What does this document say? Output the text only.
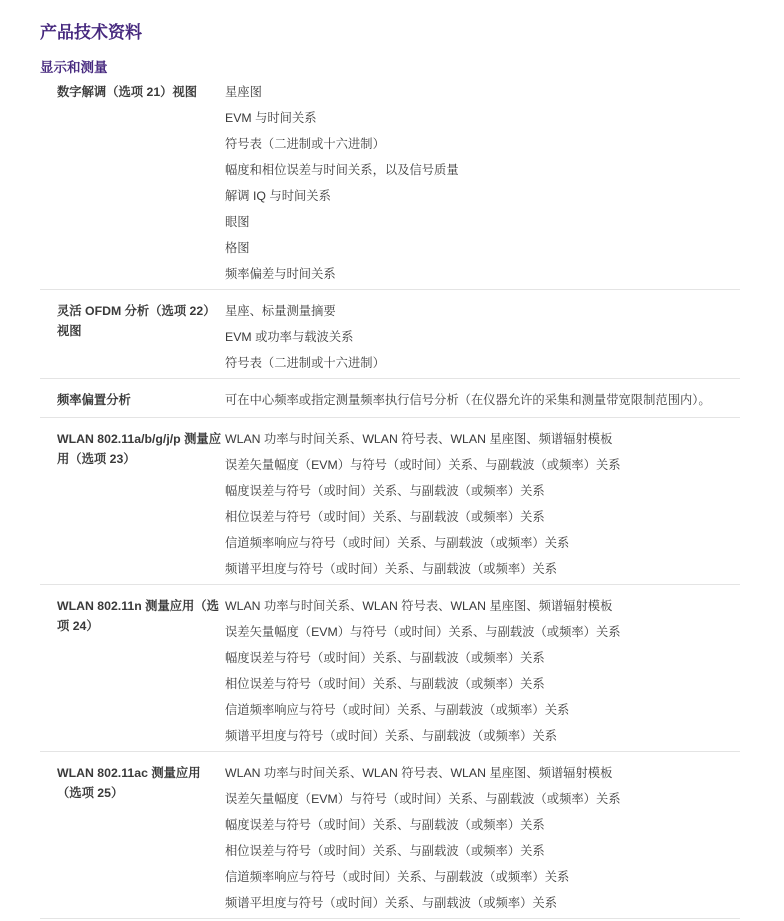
产品技术资料
显示和测量
数字解调（选项 21）视图	星座图

EVM 与时间关系

符号表（二进制或十六进制）

幅度和相位误差与时间关系，以及信号质量

解调 IQ 与时间关系

眼图

格图

频率偏差与时间关系

灵活 OFDM 分析（选项 22）视图

星座、标量测量摘要

EVM 或功率与载波关系

符号表（二进制或十六进制）

频率偏置分析	可在中心频率或指定测量频率执行信号分析（在仪器允许的采集和测量带宽限制范围内）。

WLAN 802.11a/b/g/j/p 测量应用（选项 23）

WLAN 功率与时间关系、WLAN 符号表、WLAN 星座图、频谱辐射模板

误差矢量幅度（EVM）与符号（或时间）关系、与副载波（或频率）关系

幅度误差与符号（或时间）关系、与副载波（或频率）关系

相位误差与符号（或时间）关系、与副载波（或频率）关系

信道频率响应与符号（或时间）关系、与副载波（或频率）关系

频谱平坦度与符号（或时间）关系、与副载波（或频率）关系

WLAN 802.11n 测量应用（选项 24）

WLAN 功率与时间关系、WLAN 符号表、WLAN 星座图、频谱辐射模板

误差矢量幅度（EVM）与符号（或时间）关系、与副载波（或频率）关系

幅度误差与符号（或时间）关系、与副载波（或频率）关系

相位误差与符号（或时间）关系、与副载波（或频率）关系

信道频率响应与符号（或时间）关系、与副载波（或频率）关系

频谱平坦度与符号（或时间）关系、与副载波（或频率）关系

WLAN 802.11ac 测量应用（选项 25）

WLAN 功率与时间关系、WLAN 符号表、WLAN 星座图、频谱辐射模板

误差矢量幅度（EVM）与符号（或时间）关系、与副载波（或频率）关系

幅度误差与符号（或时间）关系、与副载波（或频率）关系

相位误差与符号（或时间）关系、与副载波（或频率）关系

信道频率响应与符号（或时间）关系、与副载波（或频率）关系

频谱平坦度与符号（或时间）关系、与副载波（或频率）关系
